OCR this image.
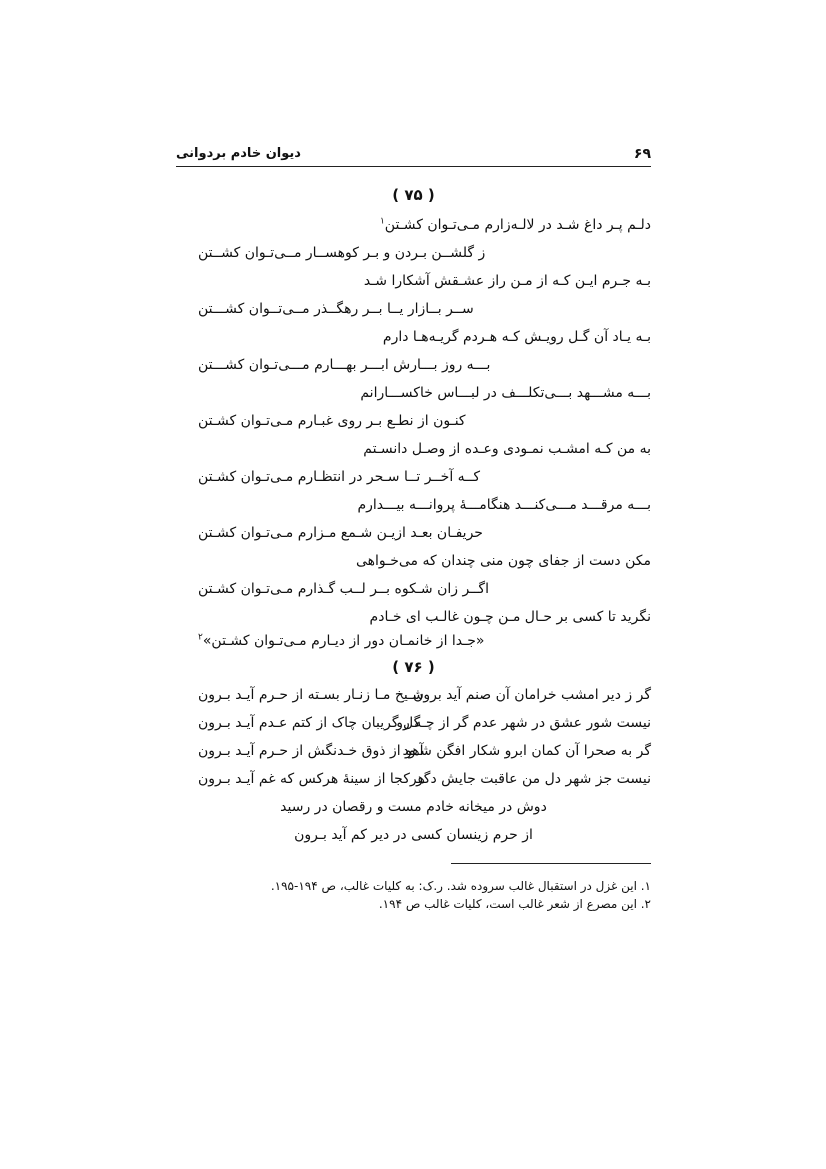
۶۹
دیوان خادم بردوانی
( ۷۵ )
دلـم پـر داغ شـد در لالـه‌زارم مـی‌تـوان کشـتن$^۱$
ز گلشــن بـردن و بـر کوهســار مــی‌تـوان کشــتن
بـه جـرم ایـن کـه از مـن راز عشـقش آشکارا شـد
ســر بــازار یــا بــر رهگــذر مــی‌تــوان کشـــتن
بـه یـاد آن گـل رویـش کـه هـردم گریـه‌هـا دارم
بـــه روز بـــارش ابـــر بهـــارم مـــی‌تـوان کشـــتن
بـــه مشـــهد بـــی‌تکلـــف در لبـــاس خاکســـارانم
کنـون از نطـع بـر روی غبـارم مـی‌تـوان کشـتن
به من کـه امشـب نمـودی وعـده از وصـل دانسـتم
کــه آخــر تــا سـحر در انتظـارم مـی‌تـوان کشـتن
بـــه مرقـــد مـــی‌کنـــد هنگامـــهٔ پروانـــه بیـــدارم
حریفـان بعـد ازیـن شـمع مـزارم مـی‌تـوان کشـتن
مکن دست از جفای چون منی چندان که می‌خـواهی
اگــر زان شـکوه بــر لــب گـذارم مـی‌تـوان کشـتن
نگرید تا کسی بر حـال مـن چـون غالـب ای خـادم
«جـدا از خانمـان دور از دیـارم مـی‌تـوان کشـتن»$^۲$
( ۷۶ )
گر ز دیر امشب خرامان آن صنم آید برون
شـیخ مـا زنـار بسـته از حـرم آیـد بـرون
نیست شور عشق در شهر عدم گر از چـه رو
گل گریبان چاک از کتم عـدم آیـد بـرون
گر به صحرا آن کمان ابرو شکار افگن شـود
آهو از ذوق خـدنگش از حـرم آیـد بـرون
نیست جز شهر دل من عاقبت جایش دگر
هرکجا از سینهٔ هرکس که غم آیـد بـرون
دوش در میخانه خادم مست و رقصان در رسید
از حرم زینسان کسی در دیر کم آید بـرون
۱. این غزل در استقبال غالب سروده شد. ر.ک: به کلیات غالب، ص ۱۹۴-۱۹۵.
۲. این مصرع از شعر غالب است، کلیات غالب ص ۱۹۴.
